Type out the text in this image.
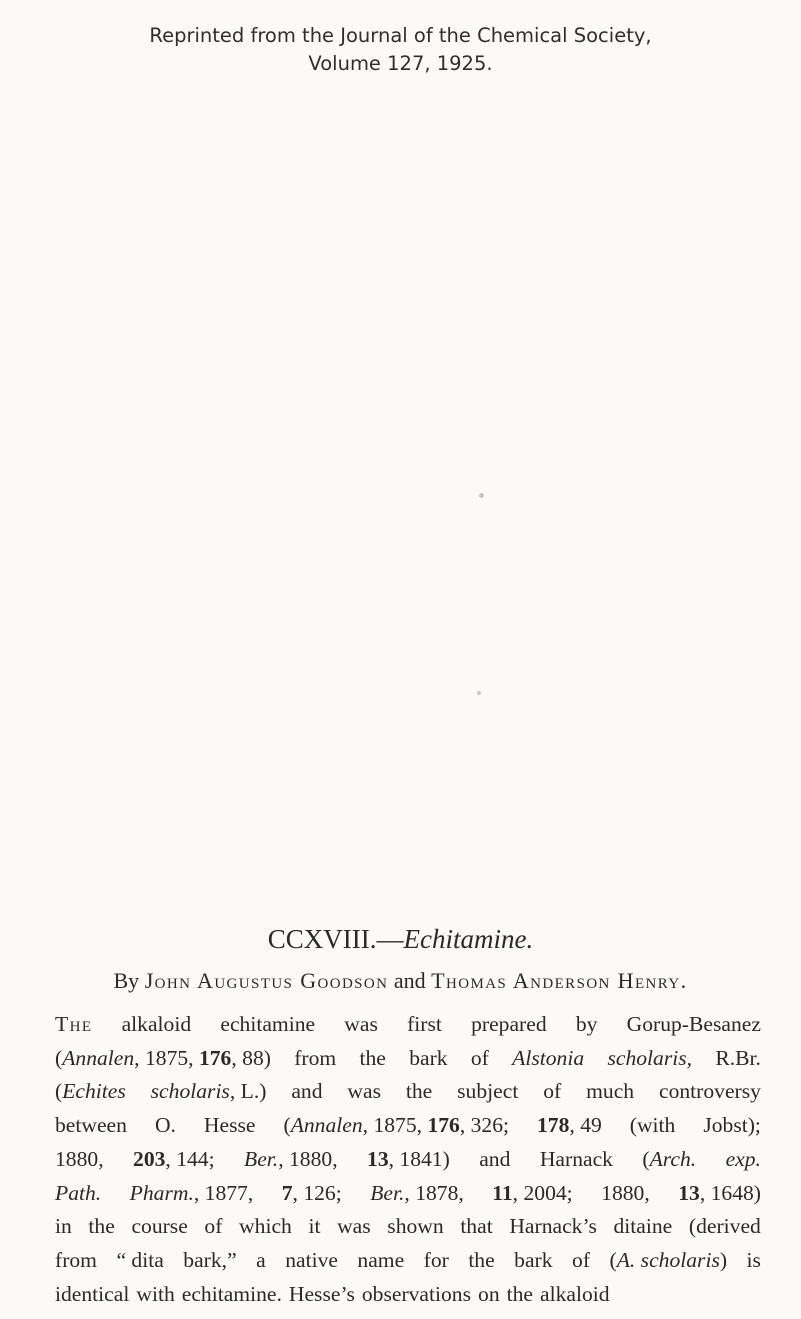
Reprinted from the Journal of the Chemical Society,
Volume 127, 1925.
CCXVIII.—Echitamine.
By John Augustus Goodson and Thomas Anderson Henry.
The alkaloid echitamine was first prepared by Gorup-Besanez
(Annalen, 1875, 176, 88) from the bark of Alstonia scholaris, R.Br.
(Echites scholaris, L.) and was the subject of much controversy
between O. Hesse (Annalen, 1875, 176, 326; 178, 49 (with Jobst);
1880, 203, 144; Ber., 1880, 13, 1841) and Harnack (Arch. exp.
Path. Pharm., 1877, 7, 126; Ber., 1878, 11, 2004; 1880, 13, 1648)
in the course of which it was shown that Harnack’s ditaine (derived
from “ dita bark,” a native name for the bark of (A. scholaris) is
identical with echitamine. Hesse’s observations on the alkaloid
